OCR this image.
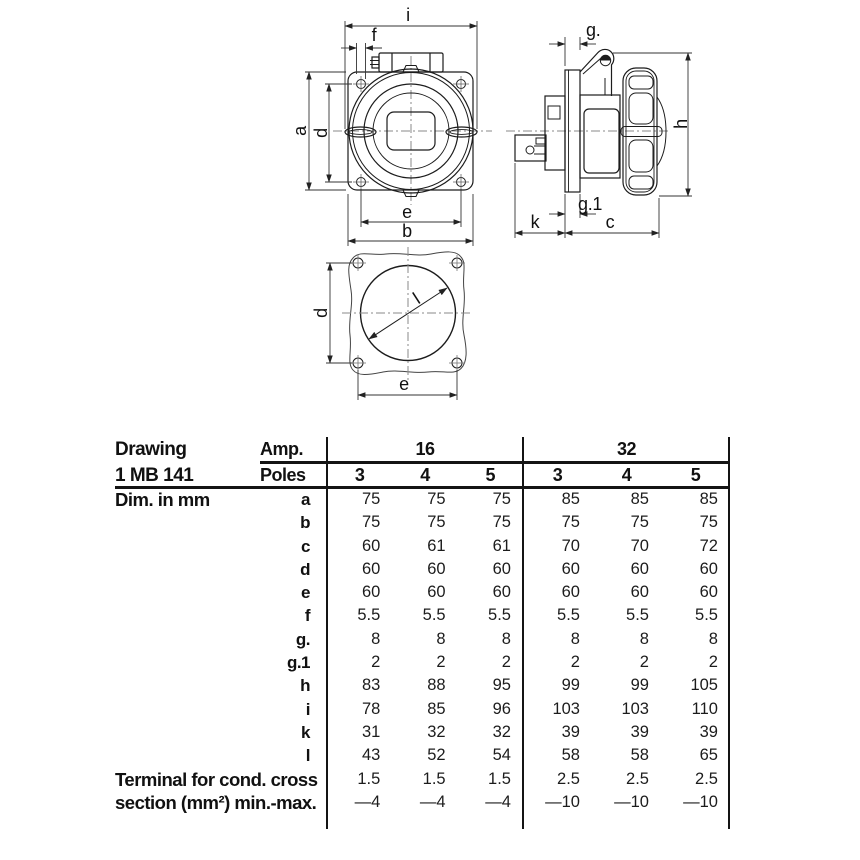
i
f
a d
e
b
g.
h
g.1
k	c
d
e
l
Drawing	Amp.	16	32
1 MB 141	Poles	3	4	5	3	4	5
Dim. in mm	a	75	75	75	85	85	85
b	75	75	75	75	75	75
c	60	61	61	70	70	72
d	60	60	60	60	60	60
e	60	60	60	60	60	60
f	5.5	5.5	5.5	5.5	5.5	5.5
g.	8	8	8	8	8	8
g.1	2	2	2	2	2	2
h	83	88	95	99	99	105
i	78	85	96	103	103	110
k	31	32	32	39	39	39
l	43	52	54	58	58	65
Terminal for cond. cross	1.5	1.5	1.5	2.5	2.5	2.5
section (mm²) min.-max.	—4	—4	—4	—10	—10	—10
